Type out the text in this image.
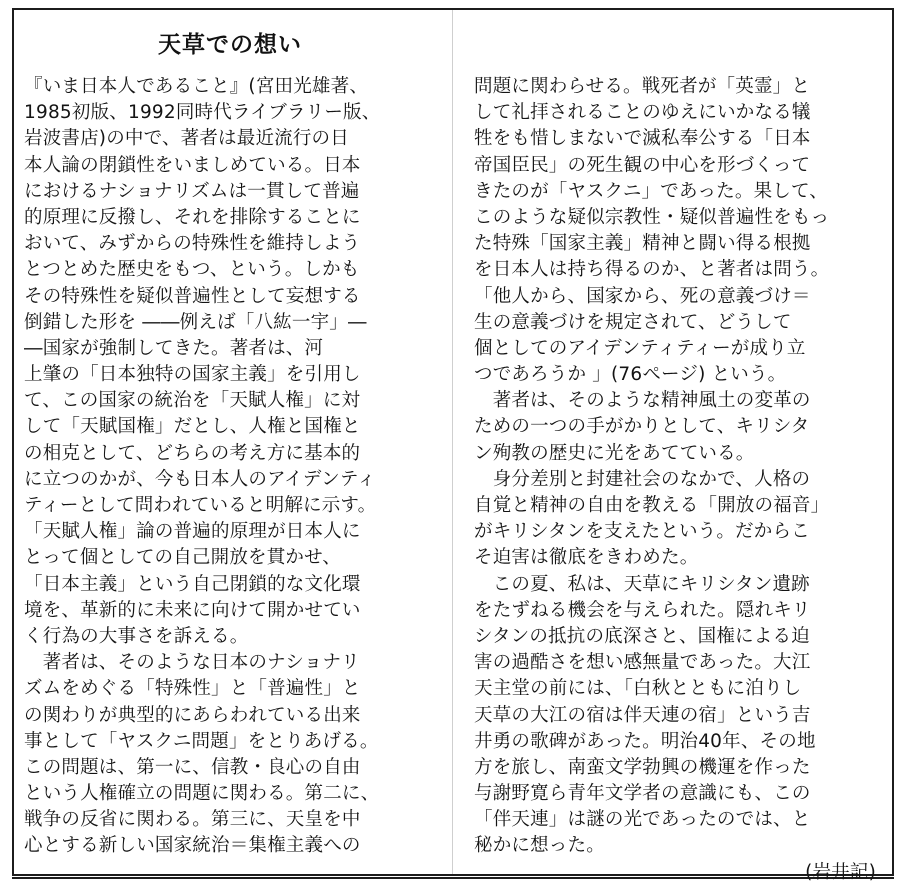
天草での想い
『いま日本人であること』(宮田光雄著、
1985初版、1992同時代ライブラリー版、
岩波書店)の中で、著者は最近流行の日
本人論の閉鎖性をいましめている。日本
におけるナショナリズムは一貫して普遍
的原理に反撥し、それを排除することに
おいて、みずからの特殊性を維持しよう
とつとめた歴史をもつ、という。しかも
その特殊性を疑似普遍性として妄想する
倒錯した形を ――例えば「八紘一宇」―
―国家が強制してきた。著者は、河
上肇の「日本独特の国家主義」を引用し
て、この国家の統治を「天賦人権」に対
して「天賦国権」だとし、人権と国権と
の相克として、どちらの考え方に基本的
に立つのかが、今も日本人のアイデンティ
ティーとして問われていると明解に示す。
「天賦人権」論の普遍的原理が日本人に
とって個としての自己開放を貫かせ、
「日本主義」という自己閉鎖的な文化環
境を、革新的に未来に向けて開かせてい
く行為の大事さを訴える。
　著者は、そのような日本のナショナリ
ズムをめぐる「特殊性」と「普遍性」と
の関わりが典型的にあらわれている出来
事として「ヤスクニ問題」をとりあげる。
この問題は、第一に、信教・良心の自由
という人権確立の問題に関わる。第二に、
戦争の反省に関わる。第三に、天皇を中
心とする新しい国家統治＝集権主義への
問題に関わらせる。戦死者が「英霊」と
して礼拝されることのゆえにいかなる犠
牲をも惜しまないで滅私奉公する「日本
帝国臣民」の死生観の中心を形づくって
きたのが「ヤスクニ」であった。果して、
このような疑似宗教性・疑似普遍性をもっ
た特殊「国家主義」精神と闘い得る根拠
を日本人は持ち得るのか、と著者は問う。
「他人から、国家から、死の意義づけ＝
生の意義づけを規定されて、どうして
個としてのアイデンティティーが成り立
つであろうか 」(76ページ) という。
　著者は、そのような精神風土の変革の
ための一つの手がかりとして、キリシタ
ン殉教の歴史に光をあてている。
　身分差別と封建社会のなかで、人格の
自覚と精神の自由を教える「開放の福音」
がキリシタンを支えたという。だからこ
そ迫害は徹底をきわめた。
　この夏、私は、天草にキリシタン遺跡
をたずねる機会を与えられた。隠れキリ
シタンの抵抗の底深さと、国権による迫
害の過酷さを想い感無量であった。大江
天主堂の前には、「白秋とともに泊りし
天草の大江の宿は伴天連の宿」という吉
井勇の歌碑があった。明治40年、その地
方を旅し、南蛮文学勃興の機運を作った
与謝野寛ら青年文学者の意識にも、この
「伴天連」は謎の光であったのでは、と
秘かに想った。
(岩井記)
